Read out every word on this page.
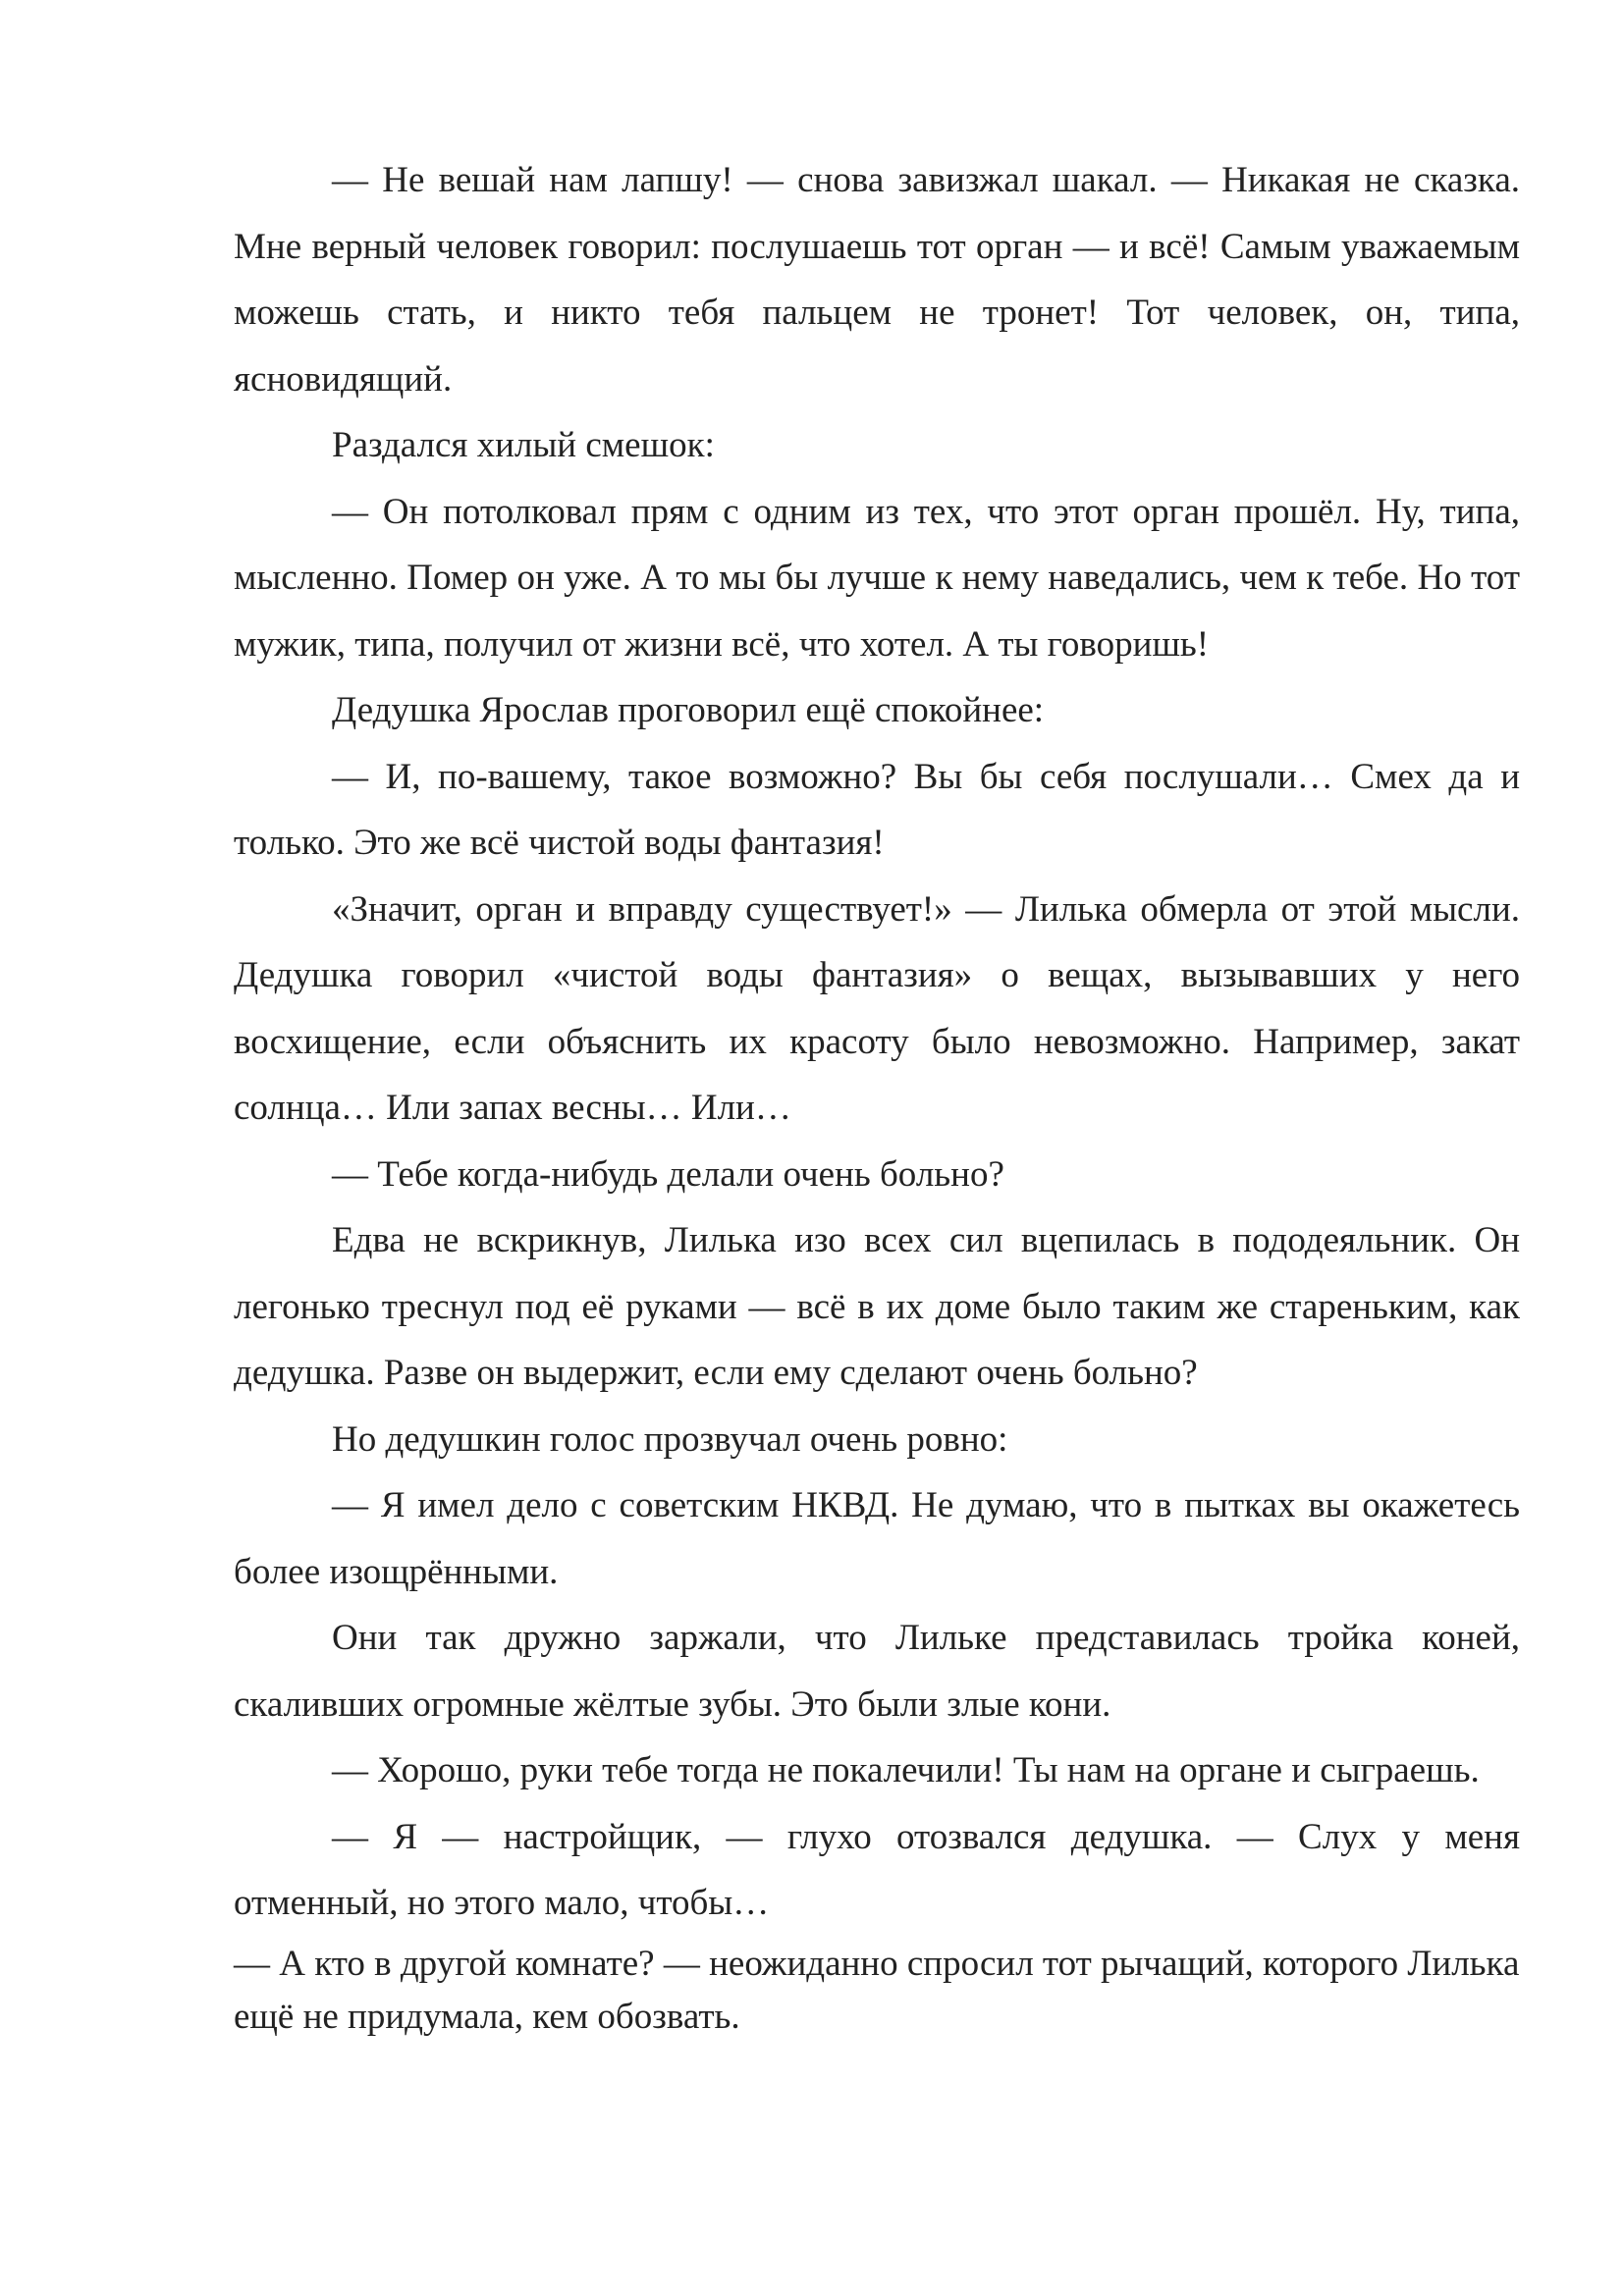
— Не вешай нам лапшу! — снова завизжал шакал. — Никакая не сказка. Мне верный человек говорил: послушаешь тот орган — и всё! Самым уважаемым можешь стать, и никто тебя пальцем не тронет! Тот человек, он, типа, ясновидящий.

Раздался хилый смешок:

— Он потолковал прям с одним из тех, что этот орган прошёл. Ну, типа, мысленно. Помер он уже. А то мы бы лучше к нему наведались, чем к тебе. Но тот мужик, типа, получил от жизни всё, что хотел. А ты говоришь!

Дедушка Ярослав проговорил ещё спокойнее:

— И, по-вашему, такое возможно? Вы бы себя послушали… Смех да и только. Это же всё чистой воды фантазия!

«Значит, орган и вправду существует!» — Лилька обмерла от этой мысли. Дедушка говорил «чистой воды фантазия» о вещах, вызывавших у него восхищение, если объяснить их красоту было невозможно. Например, закат солнца… Или запах весны… Или…

— Тебе когда-нибудь делали очень больно?

Едва не вскрикнув, Лилька изо всех сил вцепилась в пододеяльник. Он легонько треснул под её руками — всё в их доме было таким же стареньким, как дедушка. Разве он выдержит, если ему сделают очень больно?

Но дедушкин голос прозвучал очень ровно:

— Я имел дело с советским НКВД. Не думаю, что в пытках вы окажетесь более изощрёнными.

Они так дружно заржали, что Лильке представилась тройка коней, скаливших огромные жёлтые зубы. Это были злые кони.

— Хорошо, руки тебе тогда не покалечили! Ты нам на органе и сыграешь.

— Я — настройщик, — глухо отозвался дедушка. — Слух у меня отменный, но этого мало, чтобы…

— А кто в другой комнате? — неожиданно спросил тот рычащий, которого Лилька ещё не придумала, кем обозвать.
